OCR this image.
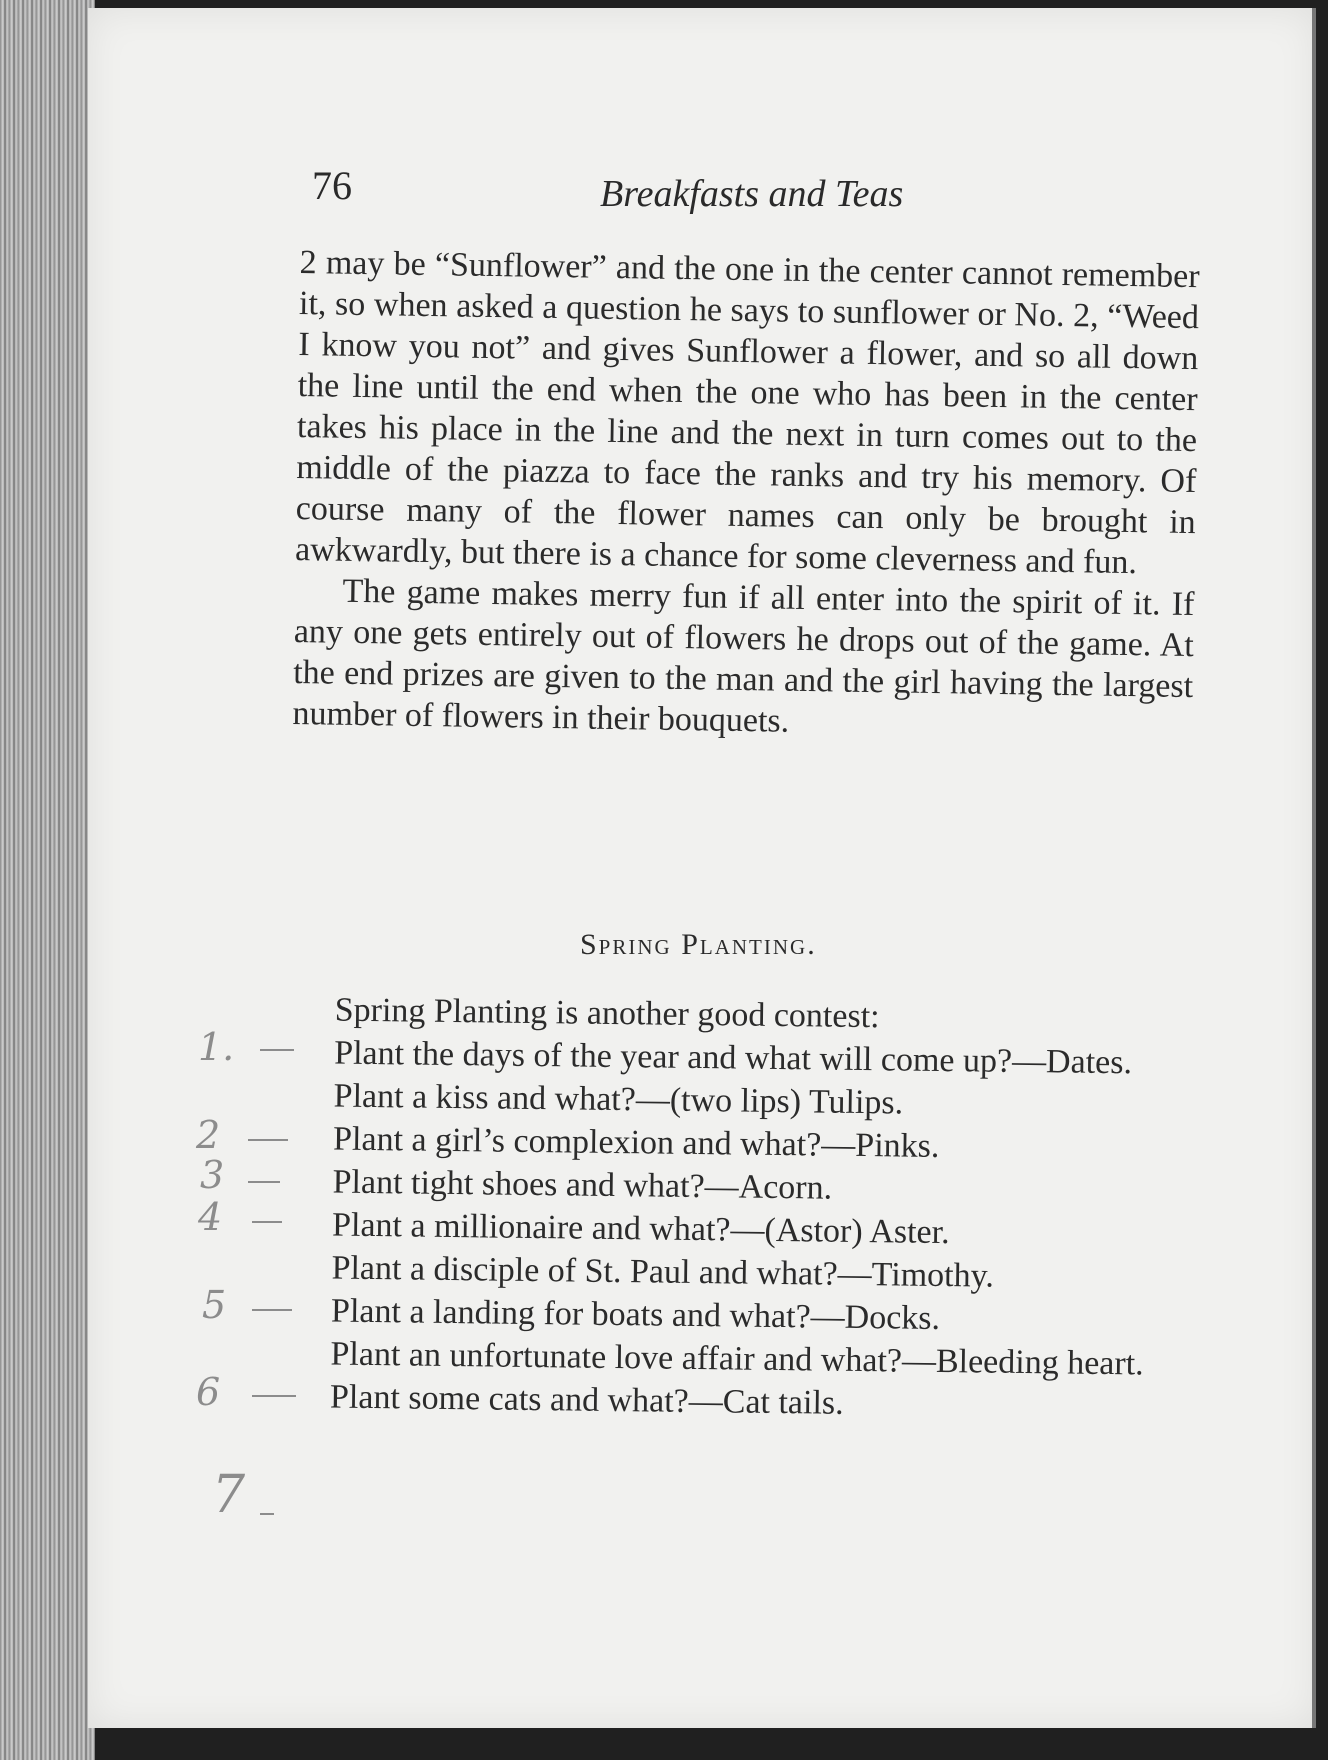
76	Breakfasts and Teas

2 may be “Sunflower” and the one in the center cannot remember it, so when asked a question he says to sunflower or No. 2, “Weed I know you not” and gives Sunflower a flower, and so all down the line until the end when the one who has been in the center takes his place in the line and the next in turn comes out to the middle of the piazza to face the ranks and try his memory. Of course many of the flower names can only be brought in awkwardly, but there is a chance for some cleverness and fun.

The game makes merry fun if all enter into the spirit of it. If any one gets entirely out of flowers he drops out of the game. At the end prizes are given to the man and the girl having the largest number of flowers in their bouquets.

Spring Planting.

Spring Planting is another good contest:

Plant the days of the year and what will come up?—Dates.

Plant a kiss and what?—(two lips) Tulips.

Plant a girl’s complexion and what?—Pinks.

Plant tight shoes and what?—Acorn.

Plant a millionaire and what?—(Astor) Aster.

Plant a disciple of St. Paul and what?—Timothy.

Plant a landing for boats and what?—Docks.

Plant an unfortunate love affair and what?—Bleeding heart.

Plant some cats and what?—Cat tails.

1.
2
3
4
5
6
7
